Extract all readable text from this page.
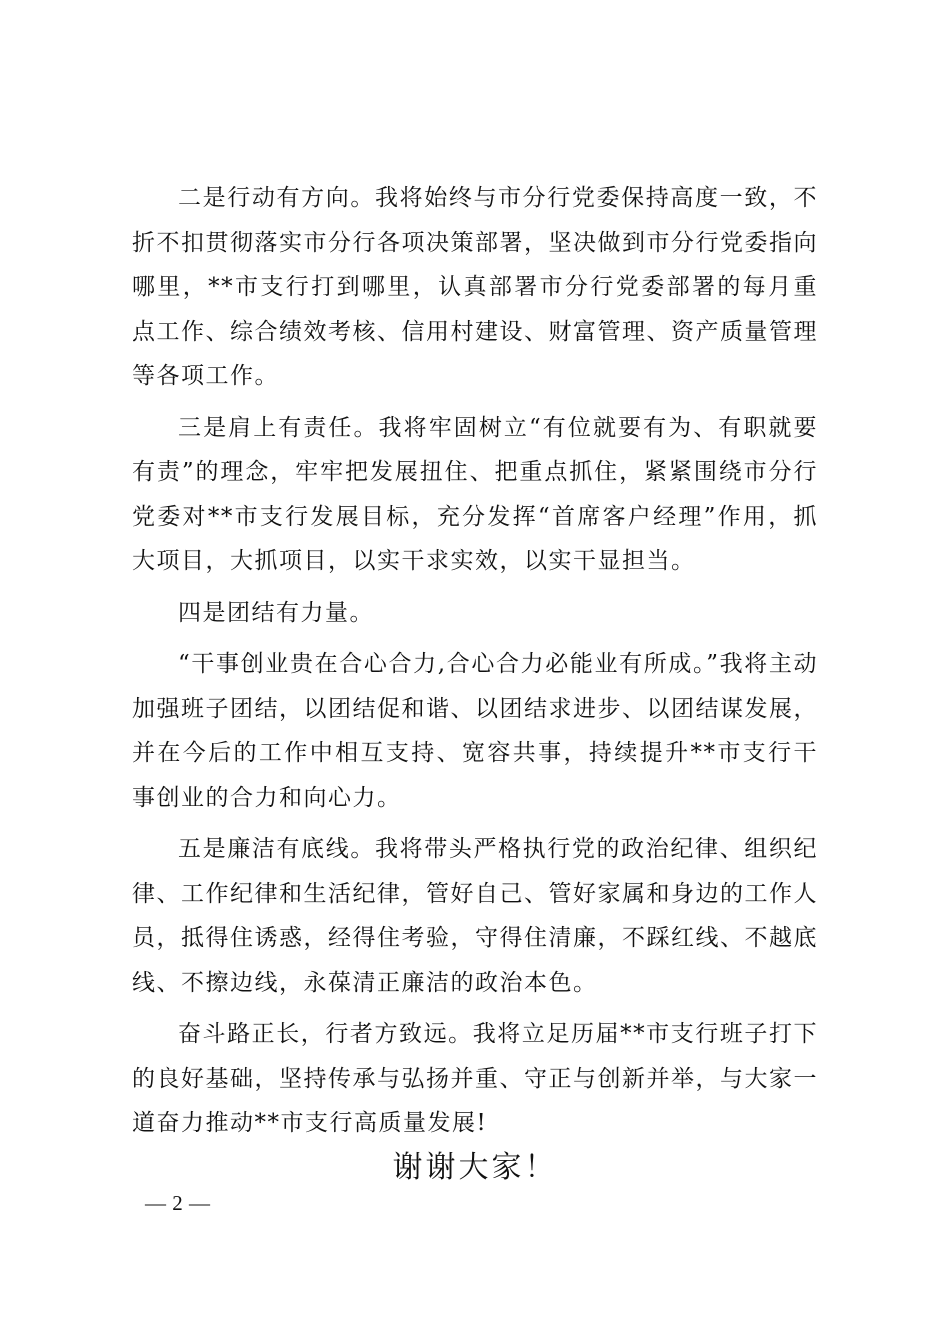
二是行动有方向。我将始终与市分行党委保持高度一致，不折不扣贯彻落实市分行各项决策部署，坚决做到市分行党委指向哪里，**市支行打到哪里，认真部署市分行党委部署的每月重点工作、综合绩效考核、信用村建设、财富管理、资产质量管理等各项工作。

三是肩上有责任。我将牢固树立“有位就要有为、有职就要有责”的理念，牢牢把发展扭住、把重点抓住，紧紧围绕市分行党委对**市支行发展目标，充分发挥“首席客户经理”作用，抓大项目，大抓项目，以实干求实效，以实干显担当。

四是团结有力量。

“干事创业贵在合心合力,合心合力必能业有所成。”我将主动加强班子团结，以团结促和谐、以团结求进步、以团结谋发展，并在今后的工作中相互支持、宽容共事，持续提升**市支行干事创业的合力和向心力。

五是廉洁有底线。我将带头严格执行党的政治纪律、组织纪律、工作纪律和生活纪律，管好自己、管好家属和身边的工作人员，抵得住诱惑，经得住考验，守得住清廉，不踩红线、不越底线、不擦边线，永葆清正廉洁的政治本色。

奋斗路正长，行者方致远。我将立足历届**市支行班子打下的良好基础，坚持传承与弘扬并重、守正与创新并举，与大家一道奋力推动**市支行高质量发展!

谢谢大家！
— 2 —
